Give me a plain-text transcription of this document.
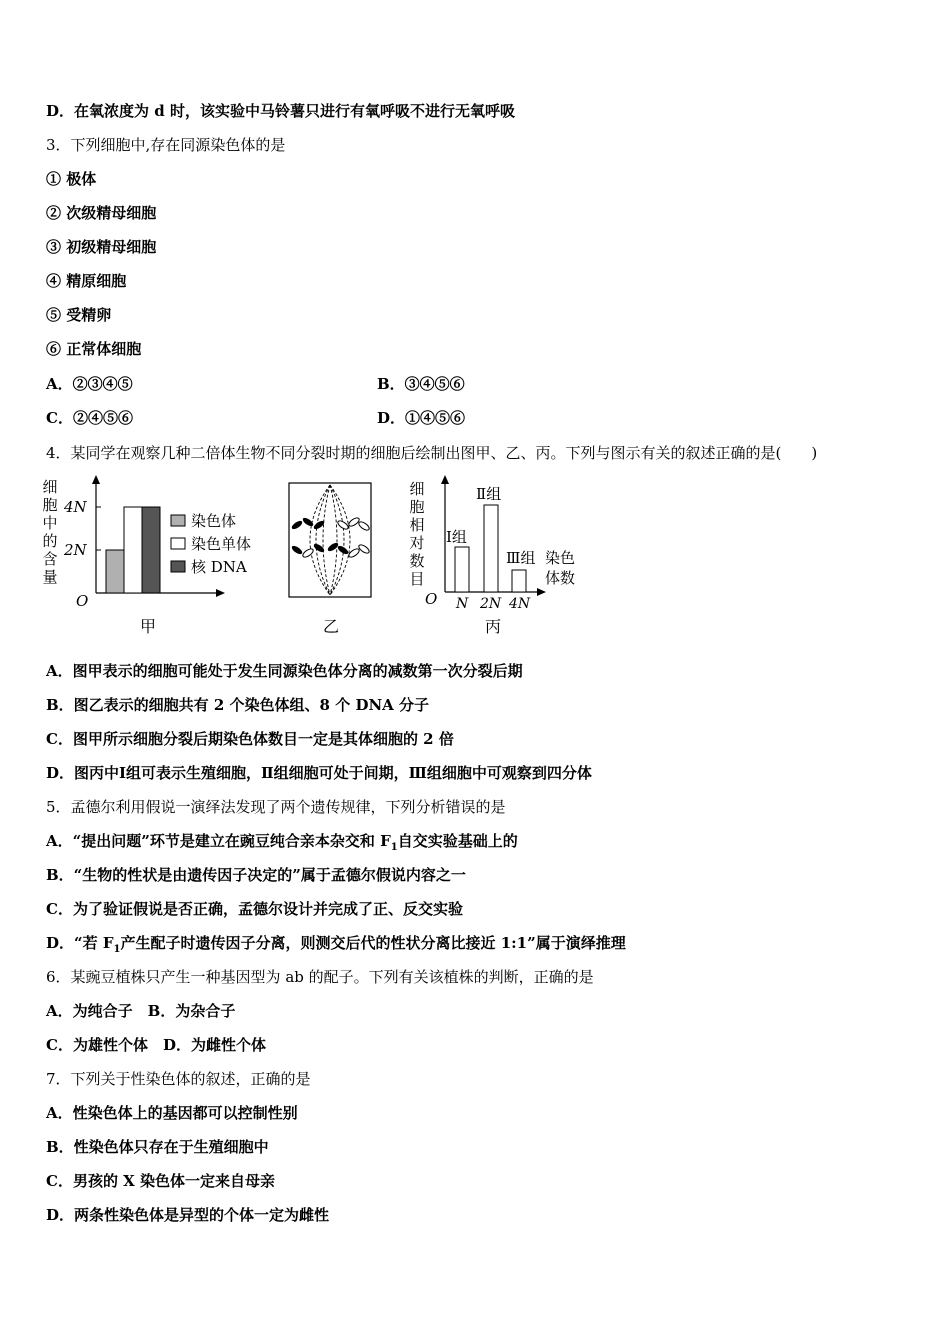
D．在氧浓度为 d 时，该实验中马铃薯只进行有氧呼吸不进行无氧呼吸
3．下列细胞中,存在同源染色体的是
① 极体
② 次级精母细胞
③ 初级精母细胞
④ 精原细胞
⑤ 受精卵
⑥ 正常体细胞
A．②③④⑤	B．③④⑤⑥
C．②④⑤⑥	D．①④⑤⑥
4．某同学在观察几种二倍体生物不同分裂时期的细胞后绘制出图甲、乙、丙。下列与图示有关的叙述正确的是(　　)
细
胞
中
的
含
量
4N
2N
O
染色体
染色单体
核 DNA
甲	乙
细
胞
相
对
数
目
Ⅰ组
Ⅱ组
Ⅲ组 染色
体数
O N 2N 4N
丙
A．图甲表示的细胞可能处于发生同源染色体分离的减数第一次分裂后期
B．图乙表示的细胞共有 2 个染色体组、8 个 DNA 分子
C．图甲所示细胞分裂后期染色体数目一定是其体细胞的 2 倍
D．图丙中Ⅰ组可表示生殖细胞，Ⅱ组细胞可处于间期，Ⅲ组细胞中可观察到四分体
5．孟德尔利用假说一演绎法发现了两个遗传规律，下列分析错误的是
A．“提出问题”环节是建立在豌豆纯合亲本杂交和 $F_1$自交实验基础上的
B．“生物的性状是由遗传因子决定的”属于孟德尔假说内容之一
C．为了验证假说是否正确，孟德尔设计并完成了正、反交实验
D．“若 $F_1$产生配子时遗传因子分离，则测交后代的性状分离比接近 1:1”属于演绎推理
6．某豌豆植株只产生一种基因型为 ab 的配子。下列有关该植株的判断，正确的是
A．为纯合子　B．为杂合子
C．为雄性个体　D．为雌性个体
7．下列关于性染色体的叙述，正确的是
A．性染色体上的基因都可以控制性别
B．性染色体只存在于生殖细胞中
C．男孩的 X 染色体一定来自母亲
D．两条性染色体是异型的个体一定为雌性
